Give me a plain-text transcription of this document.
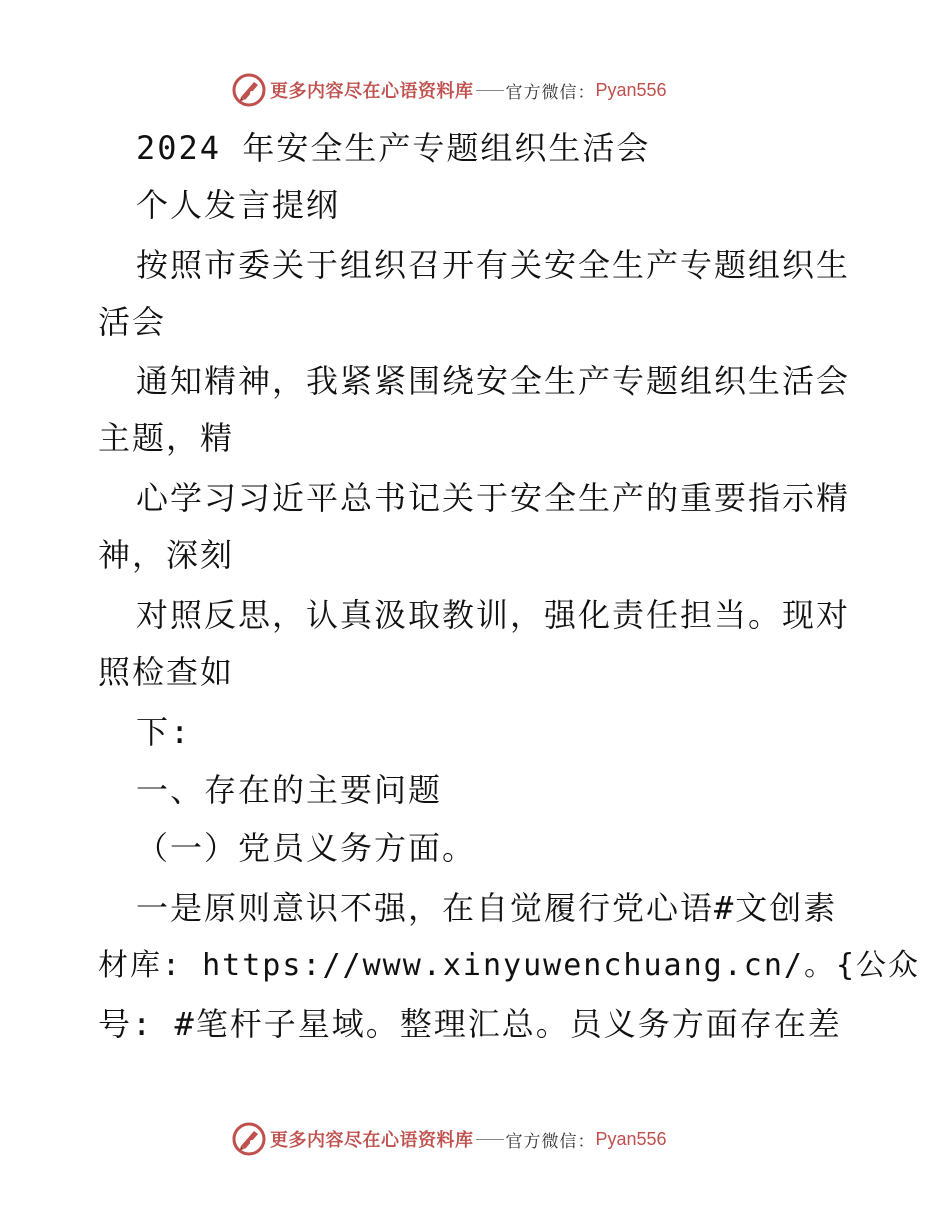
更多内容尽在心语资料库 官方微信： Pyan556
2024 年安全生产专题组织生活会
个人发言提纲
按照市委关于组织召开有关安全生产专题组织生
活会
通知精神，我紧紧围绕安全生产专题组织生活会
主题，精
心学习习近平总书记关于安全生产的重要指示精
神，深刻
对照反思，认真汲取教训，强化责任担当。现对
照检查如
下:
一、存在的主要问题
（一）党员义务方面。
一是原则意识不强，在自觉履行党心语#文创素
材库: https://www.xinyuwenchuang.cn/。{公众
号: #笔杆子星域。整理汇总。员义务方面存在差
更多内容尽在心语资料库 官方微信： Pyan556
